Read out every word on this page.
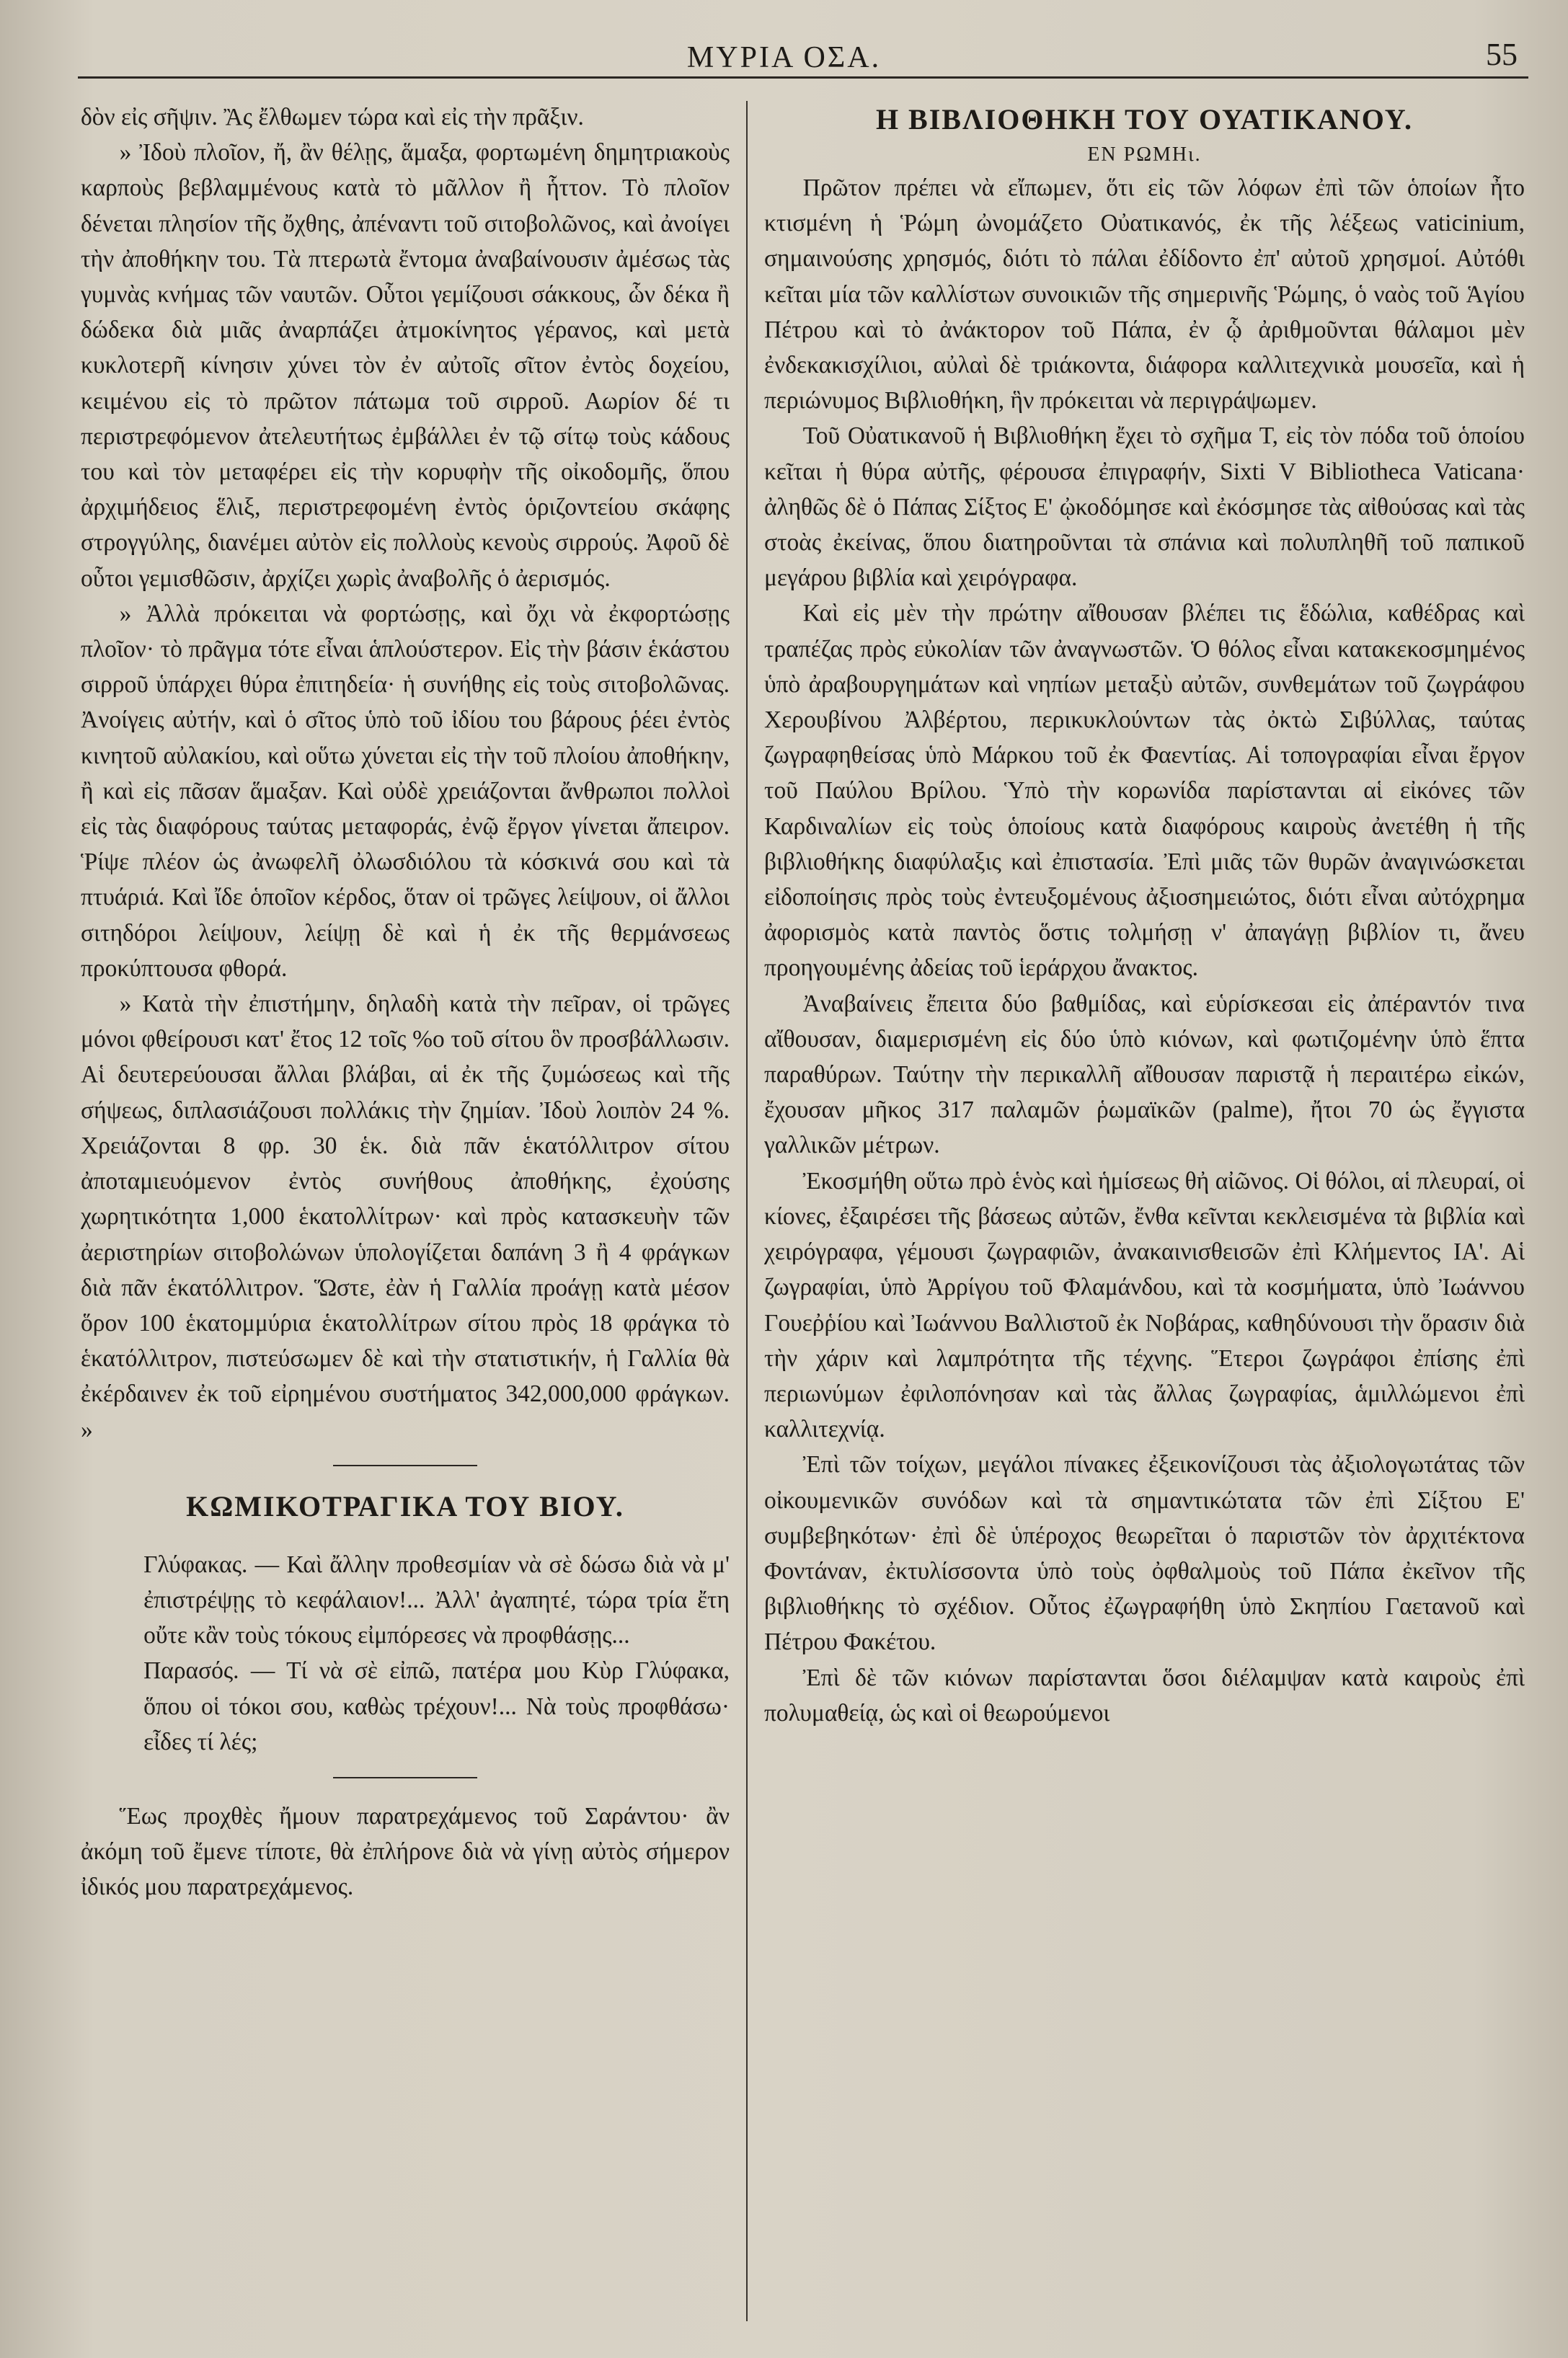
ΜΥΡΙΑ ΟΣΑ.	55

δὸν εἰς σῆψιν. Ἂς ἔλθωμεν τώρα καὶ εἰς τὴν πρᾶξιν.

» Ἰδοὺ πλοῖον, ἤ, ἂν θέλῃς, ἅμαξα, φορτωμένη δημητριακοὺς καρποὺς βεβλαμμένους κατὰ τὸ μᾶλλον ἢ ἧττον. Τὸ πλοῖον δένεται πλησίον τῆς ὄχθης, ἀπέναντι τοῦ σιτοβολῶνος, καὶ ἀνοίγει τὴν ἀποθήκην του. Τὰ πτερωτὰ ἔντομα ἀναβαίνουσιν ἀμέσως τὰς γυμνὰς κνήμας τῶν ναυτῶν. Οὗτοι γεμίζουσι σάκκους, ὧν δέκα ἢ δώδεκα διὰ μιᾶς ἀναρπάζει ἀτμοκίνητος γέρανος, καὶ μετὰ κυκλοτερῆ κίνησιν χύνει τὸν ἐν αὐτοῖς σῖτον ἐντὸς δοχείου, κειμένου εἰς τὸ πρῶτον πάτωμα τοῦ σιρροῦ. Αωρίον δέ τι περιστρεφόμενον ἀτελευτήτως ἐμβάλλει ἐν τῷ σίτῳ τοὺς κάδους του καὶ τὸν μεταφέρει εἰς τὴν κορυφὴν τῆς οἰκοδομῆς, ὅπου ἀρχιμήδειος ἕλιξ, περιστρεφομένη ἐντὸς ὁριζοντείου σκάφης στρογγύλης, διανέμει αὐτὸν εἰς πολλοὺς κενοὺς σιρρούς. Ἀφοῦ δὲ οὗτοι γεμισθῶσιν, ἀρχίζει χωρὶς ἀναβολῆς ὁ ἀερισμός.

» Ἀλλὰ πρόκειται νὰ φορτώσῃς, καὶ ὄχι νὰ ἐκφορτώσῃς πλοῖον· τὸ πρᾶγμα τότε εἶναι ἁπλούστερον. Εἰς τὴν βάσιν ἑκάστου σιρροῦ ὑπάρχει θύρα ἐπιτηδεία· ἡ συνήθης εἰς τοὺς σιτοβολῶνας. Ἀνοίγεις αὐτήν, καὶ ὁ σῖτος ὑπὸ τοῦ ἰδίου του βάρους ῥέει ἐντὸς κινητοῦ αὐλακίου, καὶ οὕτω χύνεται εἰς τὴν τοῦ πλοίου ἀποθήκην, ἢ καὶ εἰς πᾶσαν ἅμαξαν. Καὶ οὐδὲ χρειάζονται ἄνθρωποι πολλοὶ εἰς τὰς διαφόρους ταύτας μεταφοράς, ἐνῷ ἔργον γίνεται ἄπειρον. Ῥίψε πλέον ὡς ἀνωφελῆ ὀλωσδιόλου τὰ κόσκινά σου καὶ τὰ πτυάριά. Καὶ ἴδε ὁποῖον κέρδος, ὅταν οἱ τρῶγες λείψουν, οἱ ἄλλοι σιτηδόροι λείψουν, λείψῃ δὲ καὶ ἡ ἐκ τῆς θερμάνσεως προκύπτουσα φθορά.

» Κατὰ τὴν ἐπιστήμην, δηλαδὴ κατὰ τὴν πεῖραν, οἱ τρῶγες μόνοι φθείρουσι κατ' ἔτος 12 τοῖς %ο τοῦ σίτου ὃν προσβάλλωσιν. Αἱ δευτερεύουσαι ἄλλαι βλάβαι, αἱ ἐκ τῆς ζυμώσεως καὶ τῆς σήψεως, διπλασιάζουσι πολλάκις τὴν ζημίαν. Ἰδοὺ λοιπὸν 24 %. Χρειάζονται 8 φρ. 30 ἑκ. διὰ πᾶν ἑκατόλλιτρον σίτου ἀποταμιευόμενον ἐντὸς συνήθους ἀποθήκης, ἐχούσης χωρητικότητα 1,000 ἑκατολλίτρων· καὶ πρὸς κατασκευὴν τῶν ἀεριστηρίων σιτοβολώνων ὑπολογίζεται δαπάνη 3 ἢ 4 φράγκων διὰ πᾶν ἑκατόλλιτρον. Ὥστε, ἐὰν ἡ Γαλλία προάγῃ κατὰ μέσον ὅρον 100 ἑκατομμύρια ἑκατολλίτρων σίτου πρὸς 18 φράγκα τὸ ἑκατόλλιτρον, πιστεύσωμεν δὲ καὶ τὴν στατιστικήν, ἡ Γαλλία θὰ ἐκέρδαινεν ἐκ τοῦ εἰρημένου συστήματος 342,000,000 φράγκων. »

ΚΩΜΙΚΟΤΡΑΓΙΚΑ ΤΟΥ ΒΙΟΥ.

Γλύφακας. — Καὶ ἄλλην προθεσμίαν νὰ σὲ δώσω διὰ νὰ μ' ἐπιστρέψῃς τὸ κεφάλαιον!... Ἀλλ' ἀγαπητέ, τώρα τρία ἔτη οὔτε κἂν τοὺς τόκους εἰμπόρεσες νὰ προφθάσῃς...

Παρασός. — Τί νὰ σὲ εἰπῶ, πατέρα μου Κὺρ Γλύφακα, ὅπου οἱ τόκοι σου, καθὼς τρέχουν!... Νὰ τοὺς προφθάσω· εἶδες τί λές;

Ἕως προχθὲς ἤμουν παρατρεχάμενος τοῦ Σαράντου· ἂν ἀκόμη τοῦ ἔμενε τίποτε, θὰ ἐπλήρονε διὰ νὰ γίνῃ αὐτὸς σήμερον ἰδικός μου παρατρεχάμενος.

Η ΒΙΒΛΙΟΘΗΚΗ ΤΟΥ ΟΥΑΤΙΚΑΝΟΥ.
ΕΝ ΡΩΜΗι.

Πρῶτον πρέπει νὰ εἴπωμεν, ὅτι εἰς τῶν λόφων ἐπὶ τῶν ὁποίων ἦτο κτισμένη ἡ Ῥώμη ὠνομάζετο Οὐατικανός, ἐκ τῆς λέξεως vaticinium, σημαινούσης χρησμός, διότι τὸ πάλαι ἐδίδοντο ἐπ' αὐτοῦ χρησμοί. Αὐτόθι κεῖται μία τῶν καλλίστων συνοικιῶν τῆς σημερινῆς Ῥώμης, ὁ ναὸς τοῦ Ἁγίου Πέτρου καὶ τὸ ἀνάκτορον τοῦ Πάπα, ἐν ᾧ ἀριθμοῦνται θάλαμοι μὲν ἐνδεκακισχίλιοι, αὐλαὶ δὲ τριάκοντα, διάφορα καλλιτεχνικὰ μουσεῖα, καὶ ἡ περιώνυμος Βιβλιοθήκη, ἣν πρόκειται νὰ περιγράψωμεν.

Τοῦ Οὐατικανοῦ ἡ Βιβλιοθήκη ἔχει τὸ σχῆμα Τ, εἰς τὸν πόδα τοῦ ὁποίου κεῖται ἡ θύρα αὐτῆς, φέρουσα ἐπιγραφήν, Sixti V Bibliotheca Vaticana· ἀληθῶς δὲ ὁ Πάπας Σίξτος Ε' ᾠκοδόμησε καὶ ἐκόσμησε τὰς αἰθούσας καὶ τὰς στοὰς ἐκείνας, ὅπου διατηροῦνται τὰ σπάνια καὶ πολυπληθῆ τοῦ παπικοῦ μεγάρου βιβλία καὶ χειρόγραφα.

Καὶ εἰς μὲν τὴν πρώτην αἴθουσαν βλέπει τις ἕδώλια, καθέδρας καὶ τραπέζας πρὸς εὐκολίαν τῶν ἀναγνωστῶν. Ὁ θόλος εἶναι κατακεκοσμημένος ὑπὸ ἀραβουργημάτων καὶ νηπίων μεταξὺ αὐτῶν, συνθεμάτων τοῦ ζωγράφου Χερουβίνου Ἀλβέρτου, περικυκλούντων τὰς ὀκτὼ Σιβύλλας, ταύτας ζωγραφηθείσας ὑπὸ Μάρκου τοῦ ἐκ Φαεντίας. Αἱ τοπογραφίαι εἶναι ἔργον τοῦ Παύλου Βρίλου. Ὑπὸ τὴν κορωνίδα παρίστανται αἱ εἰκόνες τῶν Καρδιναλίων εἰς τοὺς ὁποίους κατὰ διαφόρους καιροὺς ἀνετέθη ἡ τῆς βιβλιοθήκης διαφύλαξις καὶ ἐπιστασία. Ἐπὶ μιᾶς τῶν θυρῶν ἀναγινώσκεται εἰδοποίησις πρὸς τοὺς ἐντευξομένους ἀξιοσημειώτος, διότι εἶναι αὐτόχρημα ἀφορισμὸς κατὰ παντὸς ὅστις τολμήσῃ ν' ἀπαγάγῃ βιβλίον τι, ἄνευ προηγουμένης ἀδείας τοῦ ἱεράρχου ἄνακτος.

Ἀναβαίνεις ἔπειτα δύο βαθμίδας, καὶ εὑρίσκεσαι εἰς ἀπέραντόν τινα αἴθουσαν, διαμερισμένη εἰς δύο ὑπὸ κιόνων, καὶ φωτιζομένην ὑπὸ ἕπτα παραθύρων. Ταύτην τὴν περικαλλῆ αἴθουσαν παριστᾷ ἡ περαιτέρω εἰκών, ἔχουσαν μῆκος 317 παλαμῶν ῥωμαϊκῶν (palme), ἤτοι 70 ὡς ἔγγιστα γαλλικῶν μέτρων.

Ἐκοσμήθη οὕτω πρὸ ἑνὸς καὶ ἡμίσεως θἠ αἰῶνος. Οἱ θόλοι, αἱ πλευραί, οἱ κίονες, ἐξαιρέσει τῆς βάσεως αὐτῶν, ἔνθα κεῖνται κεκλεισμένα τὰ βιβλία καὶ χειρόγραφα, γέμουσι ζωγραφιῶν, ἀνακαινισθεισῶν ἐπὶ Κλήμεντος ΙΑ'. Αἱ ζωγραφίαι, ὑπὸ Ἀρρίγου τοῦ Φλαμάνδου, καὶ τὰ κοσμήματα, ὑπὸ Ἰωάννου Γουεῤῥίου καὶ Ἰωάννου Βαλλιστοῦ ἐκ Νοβάρας, καθηδύνουσι τὴν ὅρασιν διὰ τὴν χάριν καὶ λαμπρότητα τῆς τέχνης. Ἕτεροι ζωγράφοι ἐπίσης ἐπὶ περιωνύμων ἐφιλοπόνησαν καὶ τὰς ἄλλας ζωγραφίας, ἁμιλλώμενοι ἐπὶ καλλιτεχνίᾳ.

Ἐπὶ τῶν τοίχων, μεγάλοι πίνακες ἐξεικονίζουσι τὰς ἀξιολογωτάτας τῶν οἰκουμενικῶν συνόδων καὶ τὰ σημαντικώτατα τῶν ἐπὶ Σίξτου Ε' συμβεβηκότων· ἐπὶ δὲ ὑπέροχος θεωρεῖται ὁ παριστῶν τὸν ἀρχιτέκτονα Φοντάναν, ἐκτυλίσσοντα ὑπὸ τοὺς ὀφθαλμοὺς τοῦ Πάπα ἐκεῖνον τῆς βιβλιοθήκης τὸ σχέδιον. Οὗτος ἐζωγραφήθη ὑπὸ Σκηπίου Γαετανοῦ καὶ Πέτρου Φακέτου.

Ἐπὶ δὲ τῶν κιόνων παρίστανται ὅσοι διέλαμψαν κατὰ καιροὺς ἐπὶ πολυμαθείᾳ, ὡς καὶ οἱ θεωρούμενοι
